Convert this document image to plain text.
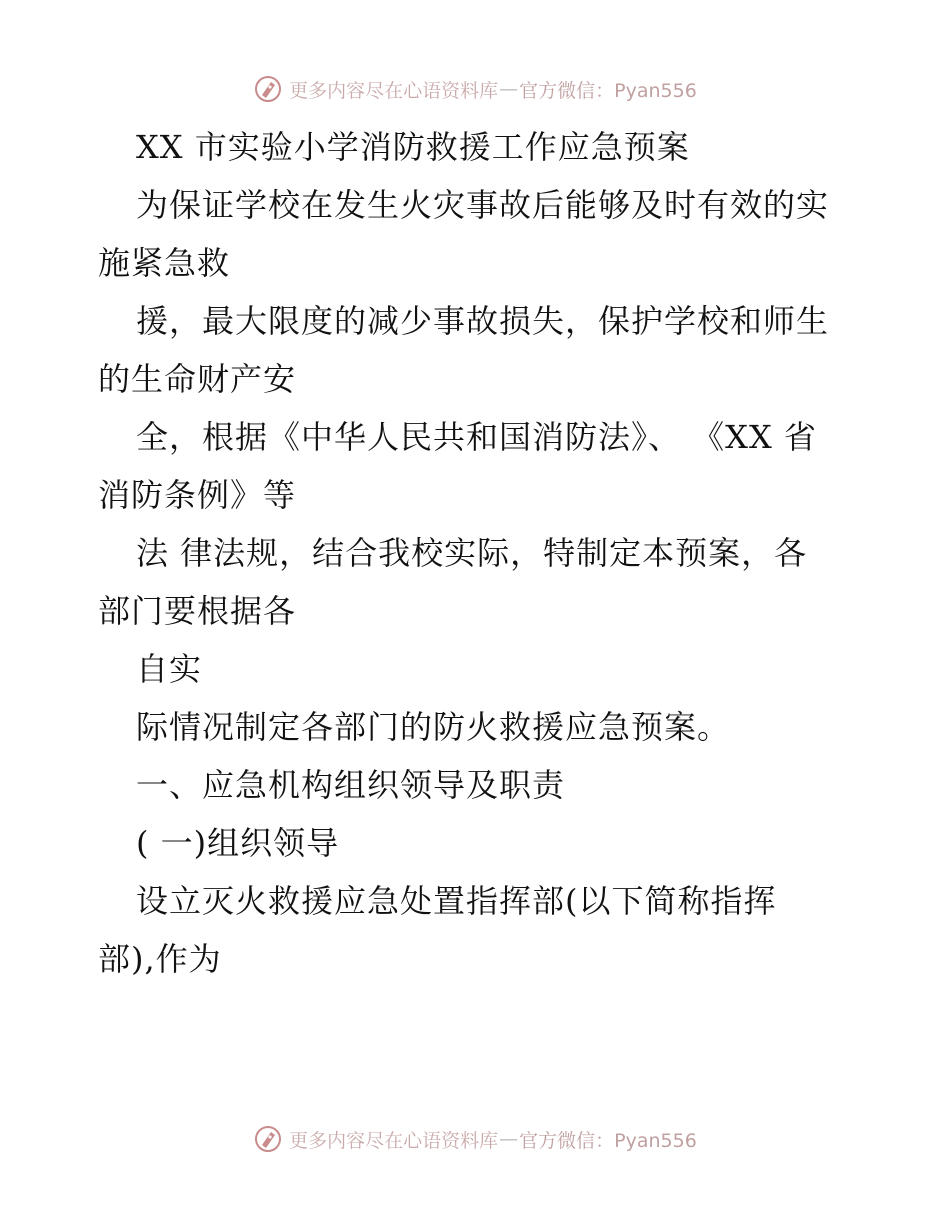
更多内容尽在心语资料库 — 官方微信：Pyan556
XX 市实验小学消防救援工作应急预案
为保证学校在发生火灾事故后能够及时有效的实
施紧急救
援，最大限度的减少事故损失，保护学校和师生
的生命财产安
全，根据《中华人民共和国消防法》、 《XX 省
消防条例》等
法 律法规，结合我校实际，特制定本预案，各
部门要根据各
自实
际情况制定各部门的防火救援应急预案。
一、应急机构组织领导及职责
( 一)组织领导
设立灭火救援应急处置指挥部(以下简称指挥
部),作为
更多内容尽在心语资料库 — 官方微信：Pyan556
